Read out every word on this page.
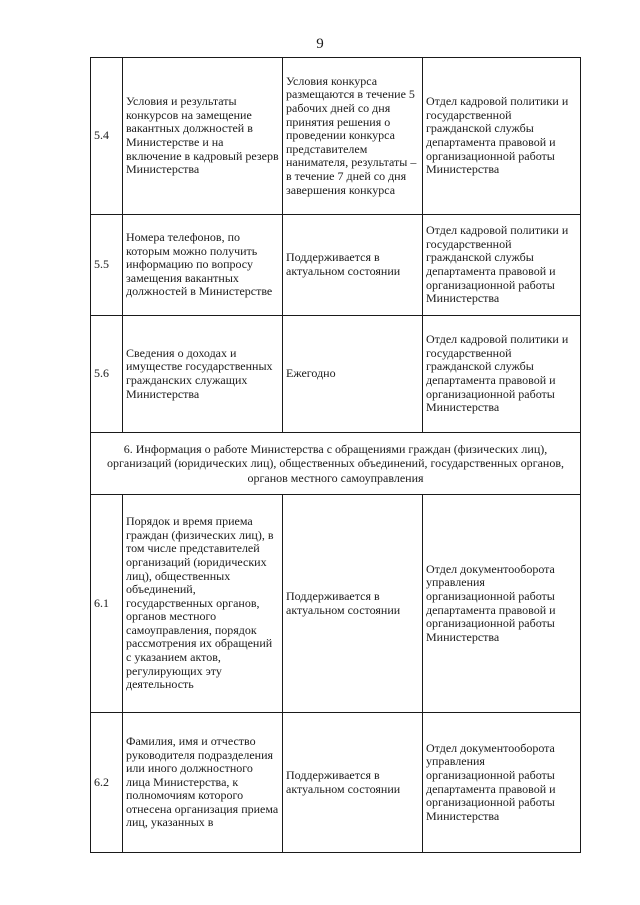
9
5.4	Условия и результаты конкурсов на замещение вакантных должностей в Министерстве и на включение в кадровый резерв Министерства	Условия конкурса размещаются в течение 5 рабочих дней со дня принятия решения о проведении конкурса представителем нанимателя, результаты – в течение 7 дней со дня завершения конкурса	Отдел кадровой политики и государственной гражданской службы департамента правовой и организационной работы Министерства
5.5	Номера телефонов, по которым можно получить информацию по вопросу замещения вакантных должностей в Министерстве	Поддерживается в актуальном состоянии	Отдел кадровой политики и государственной гражданской службы департамента правовой и организационной работы Министерства
5.6	Сведения о доходах и имуществе государственных гражданских служащих Министерства	Ежегодно	Отдел кадровой политики и государственной гражданской службы департамента правовой и организационной работы Министерства
6. Информация о работе Министерства с обращениями граждан (физических лиц), организаций (юридических лиц), общественных объединений, государственных органов, органов местного самоуправления			
6.1	Порядок и время приема граждан (физических лиц), в том числе представителей организаций (юридических лиц), общественных объединений, государственных органов, органов местного самоуправления, порядок рассмотрения их обращений с указанием актов, регулирующих эту деятельность	Поддерживается в актуальном состоянии	Отдел документооборота управления организационной работы департамента правовой и организационной работы Министерства
6.2	Фамилия, имя и отчество руководителя подразделения или иного должностного лица Министерства, к полномочиям которого отнесена организация приема лиц, указанных в	Поддерживается в актуальном состоянии	Отдел документооборота управления организационной работы департамента правовой и организационной работы Министерства
